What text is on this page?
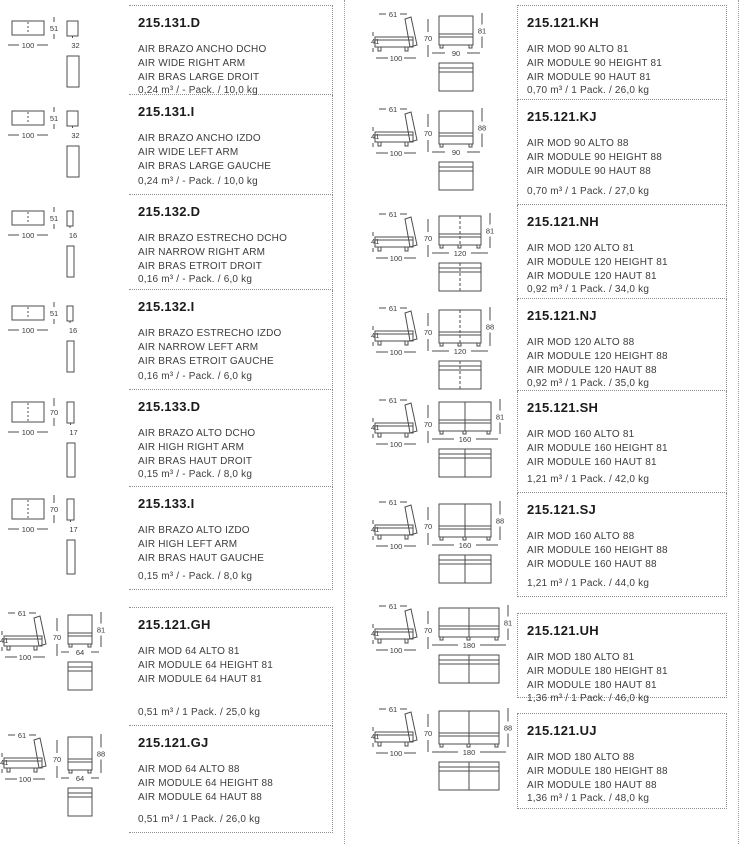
100
51
32
215.131.D
AIR BRAZO ANCHO DCHO
AIR WIDE RIGHT ARM
AIR BRAS LARGE DROIT
0,24 m³ / - Pack. / 10,0 kg
100
51
32
215.131.I
AIR BRAZO ANCHO IZDO
AIR WIDE LEFT ARM
AIR BRAS LARGE GAUCHE
0,24 m³ / - Pack. / 10,0 kg
100
51
16
215.132.D
AIR BRAZO ESTRECHO DCHO
AIR NARROW RIGHT ARM
AIR BRAS ETROIT DROIT
0,16 m³ / - Pack. / 6,0 kg
100
51
16
215.132.I
AIR BRAZO ESTRECHO IZDO
AIR NARROW LEFT ARM
AIR BRAS ETROIT GAUCHE
0,16 m³ / - Pack. / 6,0 kg
100
70
17
215.133.D
AIR BRAZO ALTO DCHO
AIR HIGH RIGHT ARM
AIR BRAS HAUT DROIT
0,15 m³ / - Pack. / 8,0 kg
100
70
17
215.133.I
AIR BRAZO ALTO IZDO
AIR HIGH LEFT ARM
AIR BRAS HAUT GAUCHE
0,15 m³ / - Pack. / 8,0 kg
61
41
100
70
64
81	215.121.GH
AIR MOD 64 ALTO 81
AIR MODULE 64 HEIGHT 81
AIR MODULE 64 HAUT 81
0,51 m³ / 1 Pack. / 25,0 kg
61
41
100
70
64
88
215.121.GJ
AIR MOD 64 ALTO 88
AIR MODULE 64 HEIGHT 88
AIR MODULE 64 HAUT 88
0,51 m³ / 1 Pack. / 26,0 kg
61
41
100
70
90
81
215.121.KH
AIR MOD 90 ALTO 81
AIR MODULE 90 HEIGHT 81
AIR MODULE 90 HAUT 81
0,70 m³ / 1 Pack. / 26,0 kg
61
41
100
70
90
88
215.121.KJ
AIR MOD 90 ALTO 88
AIR MODULE 90 HEIGHT 88
AIR MODULE 90 HAUT 88
0,70 m³ / 1 Pack. / 27,0 kg
61
41
100
70
120
81
215.121.NH
AIR MOD 120 ALTO 81
AIR MODULE 120 HEIGHT 81
AIR MODULE 120 HAUT 81
0,92 m³ / 1 Pack. / 34,0 kg
61
41
100
70
120
88
215.121.NJ
AIR MOD 120 ALTO 88
AIR MODULE 120 HEIGHT 88
AIR MODULE 120 HAUT 88
0,92 m³ / 1 Pack. / 35,0 kg
61
41
100
70
160
81
215.121.SH
AIR MOD 160 ALTO 81
AIR MODULE 160 HEIGHT 81
AIR MODULE 160 HAUT 81
1,21 m³ / 1 Pack. / 42,0 kg
61
41
100
70
160
88
215.121.SJ
AIR MOD 160 ALTO 88
AIR MODULE 160 HEIGHT 88
AIR MODULE 160 HAUT 88
1,21 m³ / 1 Pack. / 44,0 kg
61
41
100
70
180
81 215.121.UH
AIR MOD 180 ALTO 81
AIR MODULE 180 HEIGHT 81
AIR MODULE 180 HAUT 81
1,36 m³ / 1 Pack. / 46,0 kg
61
41
100
70
180
88 215.121.UJ
AIR MOD 180 ALTO 88
AIR MODULE 180 HEIGHT 88
AIR MODULE 180 HAUT 88
1,36 m³ / 1 Pack. / 48,0 kg
